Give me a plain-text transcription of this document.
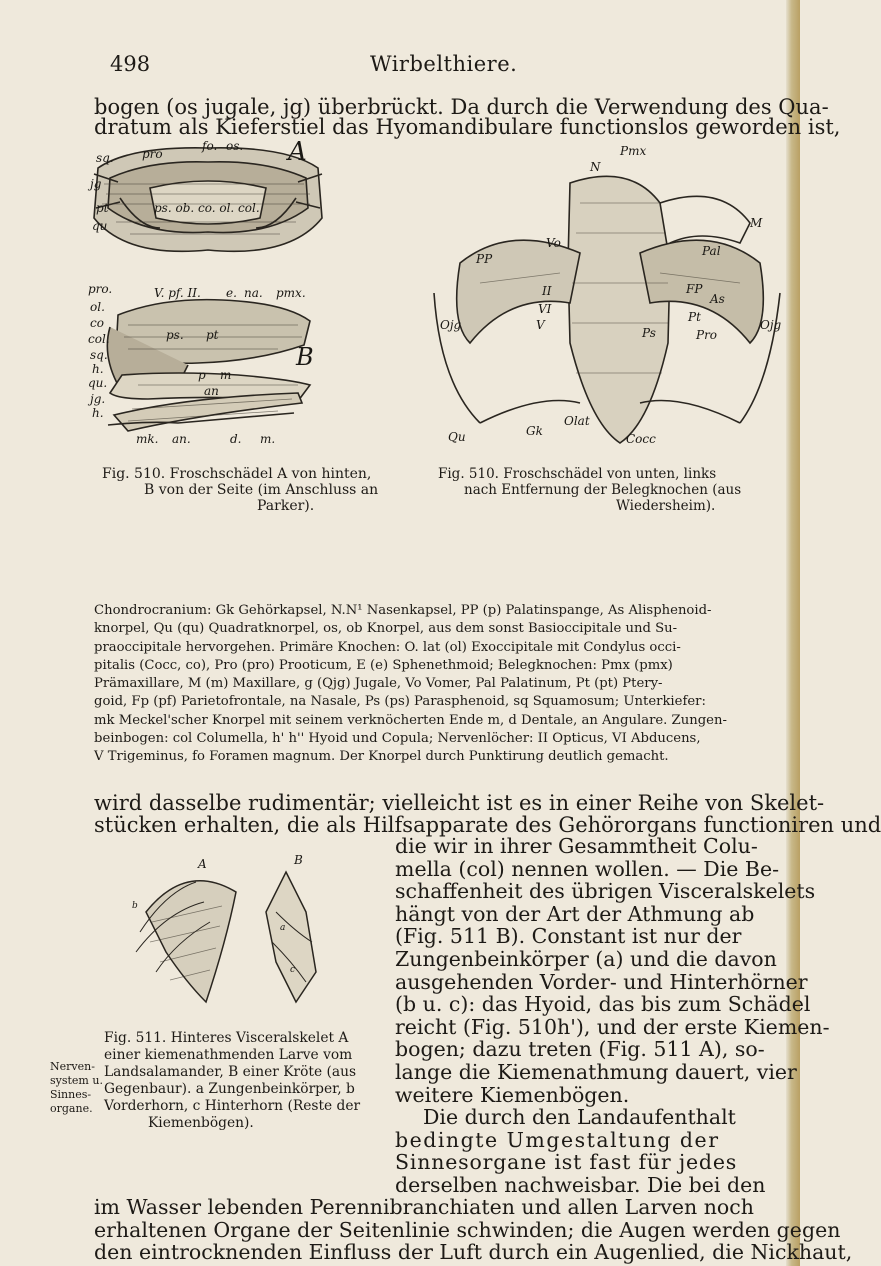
498	Wirbelthiere.

bogen (os jugale, jg) überbrückt. Da durch die Verwendung des Qua-
dratum als Kieferstiel das Hyomandibulare functionslos geworden ist,

sq. pro
fo. os.
jg
pt
qu
ps. ob. co. ol. col.
A
pro.	V. pf. II. e. na. pmx.
ol.
co
col.
sq.
h.
qu.
jg.
h.
ps. pt
p m
an
mk. an.	d. m.
B
Pmx
N
M
Pal
PP
Vo
II
VI
V
Ps
Pt
Pro
As
FP
Ojg	Ojg
Olat
Gk
Qu	Cocc
Fig. 510. Froschschädel A von hinten,
B von der Seite (im Anschluss an
Parker).
Fig. 510. Froschschädel von unten, links
nach Entfernung der Belegknochen (aus
Wiedersheim).
Chondrocranium: Gk Gehörkapsel, N.N¹ Nasenkapsel, PP (p) Palatinspange, As Alisphenoid-
knorpel, Qu (qu) Quadratknorpel, os, ob Knorpel, aus dem sonst Basioccipitale und Su-
praoccipitale hervorgehen. Primäre Knochen: O. lat (ol) Exoccipitale mit Condylus occi-
pitalis (Cocc, co), Pro (pro) Prooticum, E (e) Sphenethmoid; Belegknochen: Pmx (pmx)
Prämaxillare, M (m) Maxillare, g (Qjg) Jugale, Vo Vomer, Pal Palatinum, Pt (pt) Ptery-
goid, Fp (pf) Parietofrontale, na Nasale, Ps (ps) Parasphenoid, sq Squamosum; Unterkiefer:
mk Meckel'scher Knorpel mit seinem verknöcherten Ende m, d Dentale, an Angulare. Zungen-
beinbogen: col Columella, h' h'' Hyoid und Copula; Nervenlöcher: II Opticus, VI Abducens,
V Trigeminus, fo Foramen magnum. Der Knorpel durch Punktirung deutlich gemacht.

wird dasselbe rudimentär; vielleicht ist es in einer Reihe von Skelet-
stücken erhalten, die als Hilfsapparate des Gehörorgans functioniren und

A	B
b
a
c
Fig. 511. Hinteres Visceralskelet A
einer kiemenathmenden Larve vom
Landsalamander, B einer Kröte (aus
Gegenbaur). a Zungenbeinkörper, b
Vorderhorn, c Hinterhorn (Reste der
Kiemenbögen).

die wir in ihrer Gesammtheit Colu-
mella (col) nennen wollen. — Die Be-
schaffenheit des übrigen Visceralskelets
hängt von der Art der Athmung ab
(Fig. 511 B). Constant ist nur der
Zungenbeinkörper (a) und die davon
ausgehenden Vorder- und Hinterhörner
(b u. c): das Hyoid, das bis zum Schädel
reicht (Fig. 510h'), und der erste Kiemen-
bogen; dazu treten (Fig. 511 A), so-
lange die Kiemenathmung dauert, vier
weitere Kiemenbögen.
Die durch den Landaufenthalt
bedingte Umgestaltung der
Sinnesorgane ist fast für jedes
derselben nachweisbar. Die bei den

Nerven-
system u.
Sinnes-
organe.

im Wasser lebenden Perennibranchiaten und allen Larven noch
erhaltenen Organe der Seitenlinie schwinden; die Augen werden gegen
den eintrocknenden Einfluss der Luft durch ein Augenlied, die Nickhaut,
